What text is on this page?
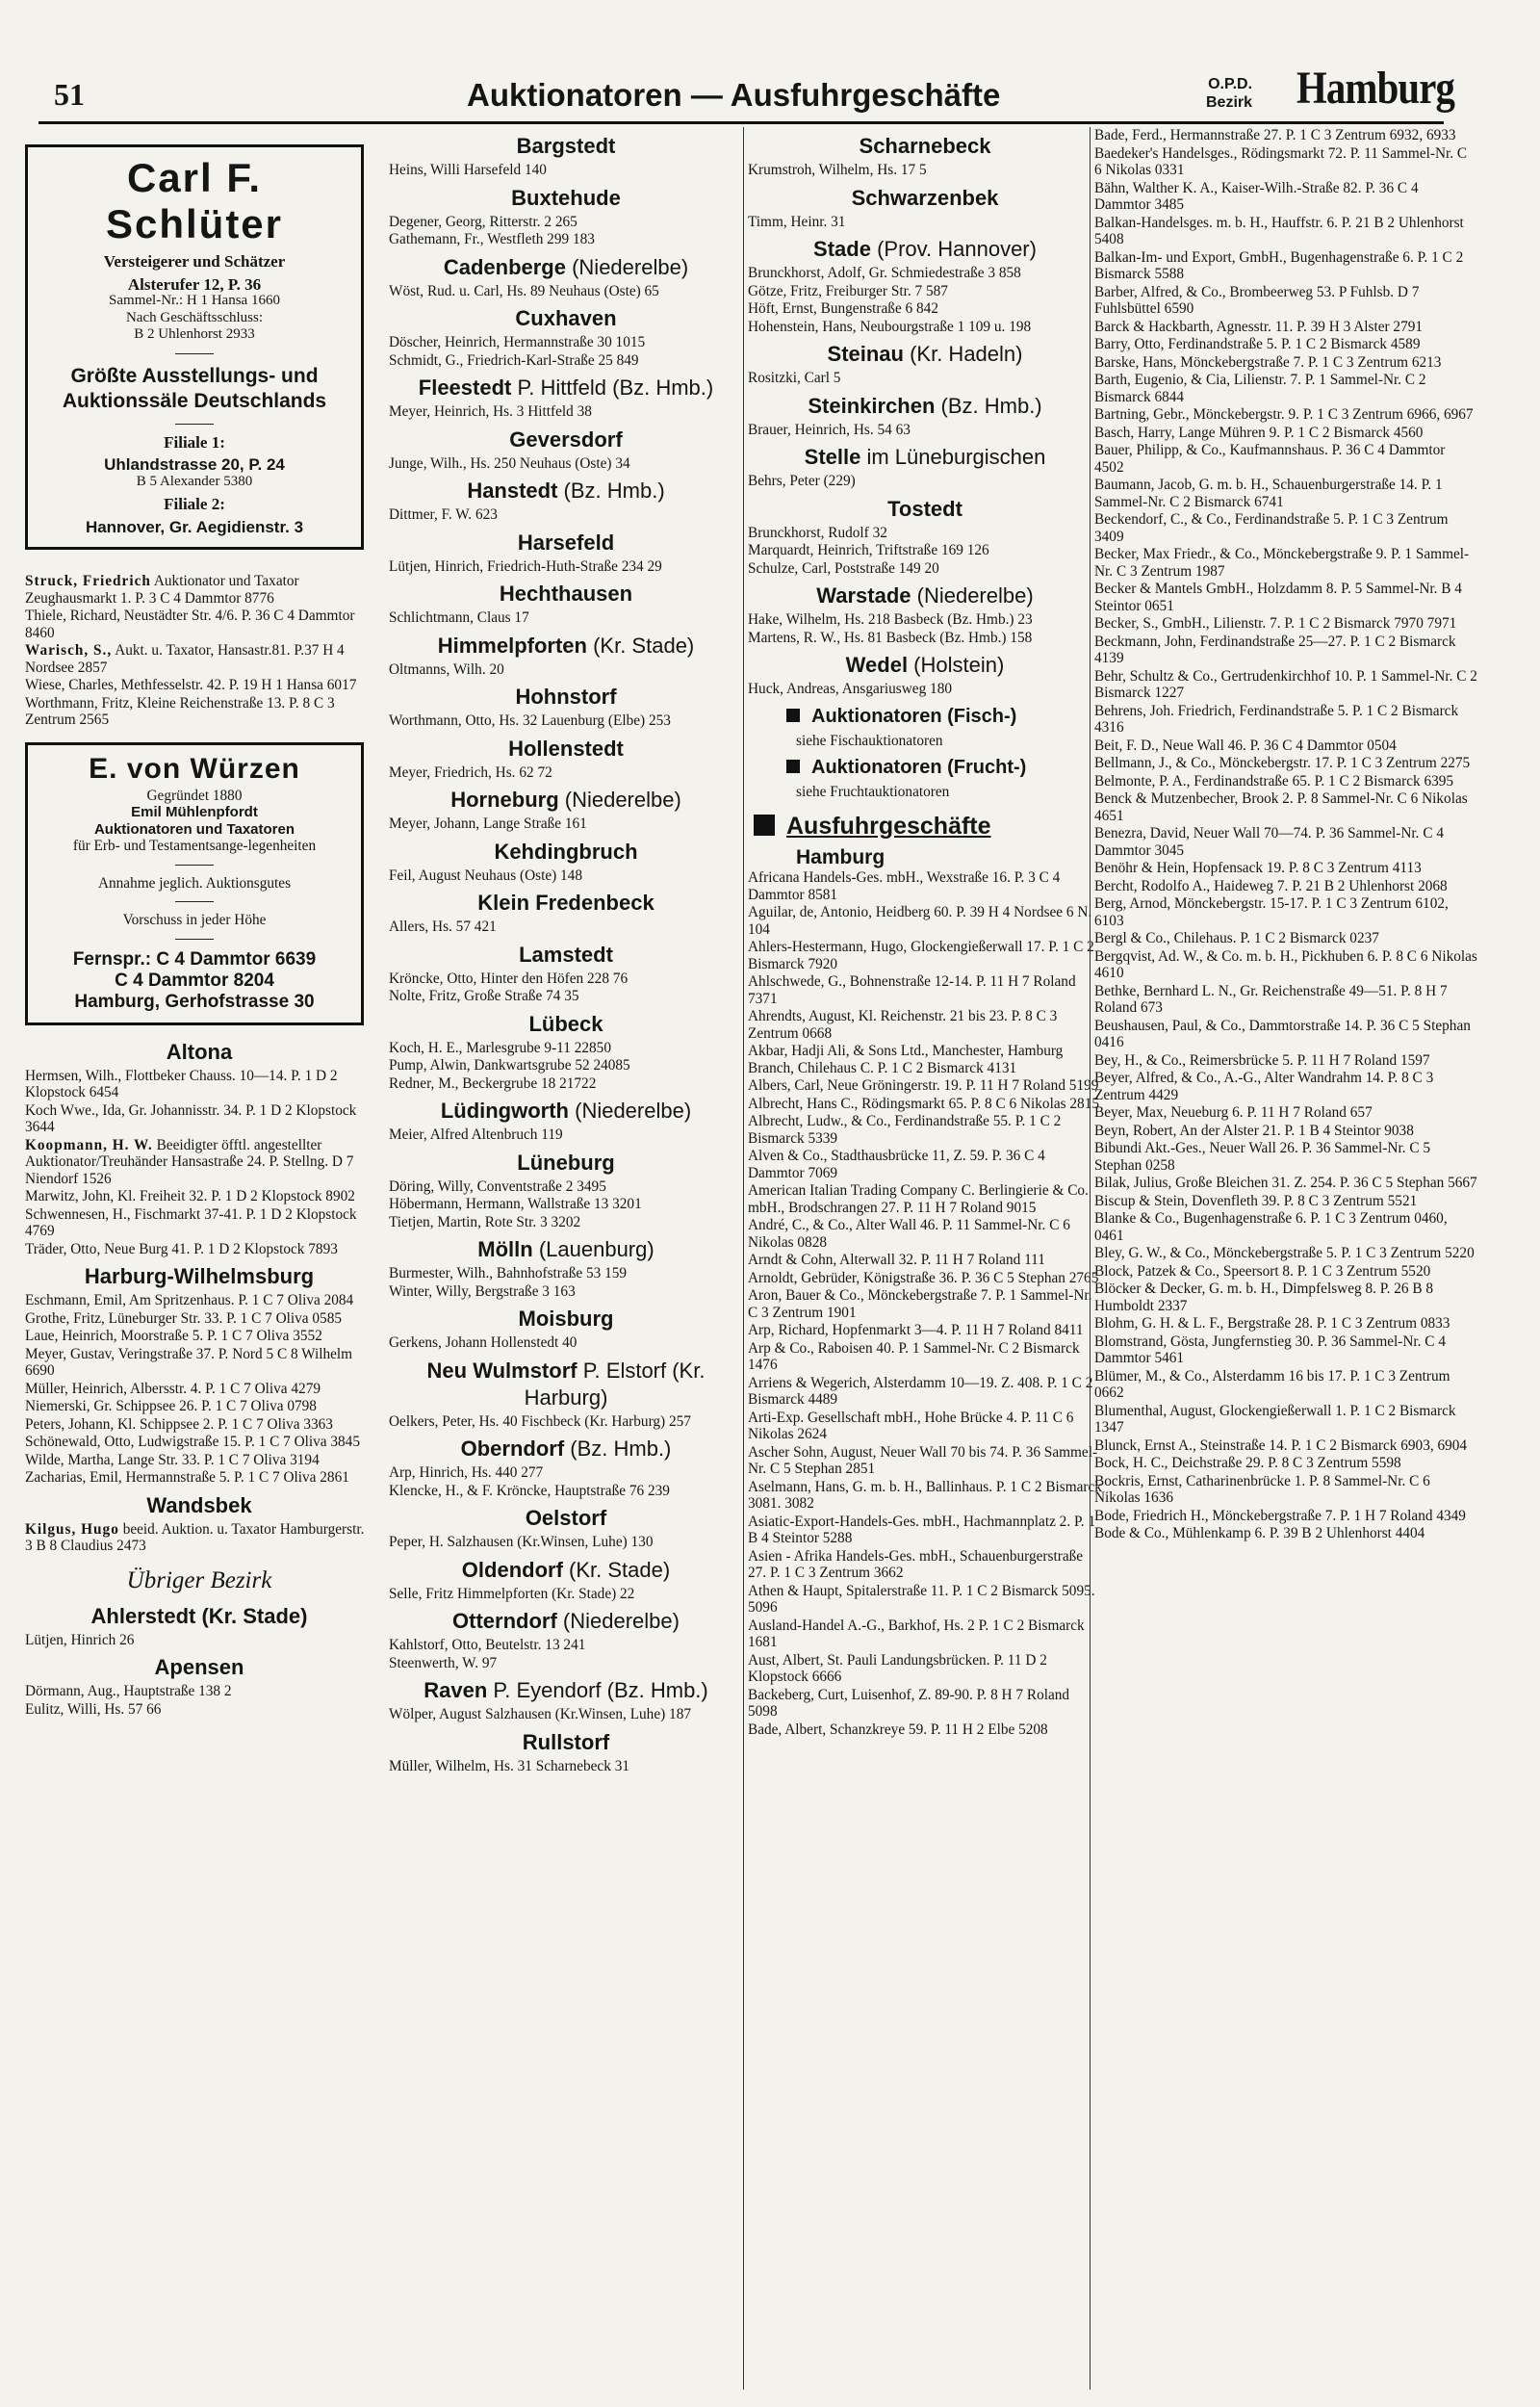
51	Auktionatoren — Ausfuhrgeschäfte	O.P.D.
Bezirk Hamburg
Carl F.
Schlüter
Versteigerer und Schätzer
Alsterufer 12, P. 36
Sammel-Nr.: H 1 Hansa 1660
Nach Geschäftsschluss:
B 2 Uhlenhorst 2933
Größte Ausstellungs- und Auktionssäle Deutschlands
Filiale 1:
Uhlandstrasse 20, P. 24
B 5 Alexander 5380
Filiale 2:
Hannover, Gr. Aegidienstr. 3
Struck, Friedrich Auktionator und Taxator Zeughausmarkt 1. P. 3 C 4 Dammtor 8776
Thiele, Richard, Neustädter Str. 4/6. P. 36 C 4 Dammtor 8460
Warisch, S., Aukt. u. Taxator, Hansastr.81. P.37 H 4 Nordsee 2857
Wiese, Charles, Methfesselstr. 42. P. 19 H 1 Hansa 6017
Worthmann, Fritz, Kleine Reichenstraße 13. P. 8 C 3 Zentrum 2565
E. von Würzen
Gegründet 1880
Emil Mühlenpfordt
Auktionatoren und Taxatoren
für Erb- und Testamentsange-legenheiten
Annahme jeglich. Auktionsgutes
Vorschuss in jeder Höhe
Fernspr.: C 4 Dammtor 6639
C 4 Dammtor 8204
Hamburg, Gerhofstrasse 30
Altona
Hermsen, Wilh., Flottbeker Chauss. 10—14. P. 1 D 2 Klopstock 6454
Koch Wwe., Ida, Gr. Johannisstr. 34. P. 1 D 2 Klopstock 3644
Koopmann, H. W. Beeidigter öfftl. angestellter Auktionator/Treuhänder Hansastraße 24. P. Stellng. D 7 Niendorf 1526
Marwitz, John, Kl. Freiheit 32. P. 1 D 2 Klopstock 8902
Schwennesen, H., Fischmarkt 37-41. P. 1 D 2 Klopstock 4769
Träder, Otto, Neue Burg 41. P. 1 D 2 Klopstock 7893
Harburg-Wilhelmsburg
Eschmann, Emil, Am Spritzenhaus. P. 1 C 7 Oliva 2084
Grothe, Fritz, Lüneburger Str. 33. P. 1 C 7 Oliva 0585
Laue, Heinrich, Moorstraße 5. P. 1 C 7 Oliva 3552
Meyer, Gustav, Veringstraße 37. P. Nord 5 C 8 Wilhelm 6690
Müller, Heinrich, Albersstr. 4. P. 1 C 7 Oliva 4279
Niemerski, Gr. Schippsee 26. P. 1 C 7 Oliva 0798
Peters, Johann, Kl. Schippsee 2. P. 1 C 7 Oliva 3363
Schönewald, Otto, Ludwigstraße 15. P. 1 C 7 Oliva 3845
Wilde, Martha, Lange Str. 33. P. 1 C 7 Oliva 3194
Zacharias, Emil, Hermannstraße 5. P. 1 C 7 Oliva 2861
Wandsbek
Kilgus, Hugo beeid. Auktion. u. Taxator Hamburgerstr. 3 B 8 Claudius 2473
Übriger Bezirk
Ahlerstedt (Kr. Stade)
Lütjen, Hinrich 26
Apensen
Dörmann, Aug., Hauptstraße 138 2
Eulitz, Willi, Hs. 57 66
Bargstedt
Heins, Willi Harsefeld 140
Buxtehude
Degener, Georg, Ritterstr. 2 265
Gathemann, Fr., Westfleth 299 183
Cadenberge (Niederelbe)
Wöst, Rud. u. Carl, Hs. 89 Neuhaus (Oste) 65
Cuxhaven
Döscher, Heinrich, Hermannstraße 30 1015
Schmidt, G., Friedrich-Karl-Straße 25 849
Fleestedt P. Hittfeld (Bz. Hmb.)
Meyer, Heinrich, Hs. 3 Hittfeld 38
Geversdorf
Junge, Wilh., Hs. 250 Neuhaus (Oste) 34
Hanstedt (Bz. Hmb.)
Dittmer, F. W. 623
Harsefeld
Lütjen, Hinrich, Friedrich-Huth-Straße 234 29
Hechthausen
Schlichtmann, Claus 17
Himmelpforten (Kr. Stade)
Oltmanns, Wilh. 20
Hohnstorf
Worthmann, Otto, Hs. 32 Lauenburg (Elbe) 253
Hollenstedt
Meyer, Friedrich, Hs. 62 72
Horneburg (Niederelbe)
Meyer, Johann, Lange Straße 161
Kehdingbruch
Feil, August Neuhaus (Oste) 148
Klein Fredenbeck
Allers, Hs. 57 421
Lamstedt
Kröncke, Otto, Hinter den Höfen 228 76
Nolte, Fritz, Große Straße 74 35
Lübeck
Koch, H. E., Marlesgrube 9-11 22850
Pump, Alwin, Dankwartsgrube 52 24085
Redner, M., Beckergrube 18 21722
Lüdingworth (Niederelbe)
Meier, Alfred Altenbruch 119
Lüneburg
Döring, Willy, Conventstraße 2 3495
Höbermann, Hermann, Wallstraße 13 3201
Tietjen, Martin, Rote Str. 3 3202
Mölln (Lauenburg)
Burmester, Wilh., Bahnhofstraße 53 159
Winter, Willy, Bergstraße 3 163
Moisburg
Gerkens, Johann Hollenstedt 40
Neu Wulmstorf P. Elstorf (Kr. Harburg)
Oelkers, Peter, Hs. 40 Fischbeck (Kr. Harburg) 257
Oberndorf (Bz. Hmb.)
Arp, Hinrich, Hs. 440 277
Klencke, H., & F. Kröncke, Hauptstraße 76 239
Oelstorf
Peper, H. Salzhausen (Kr.Winsen, Luhe) 130
Oldendorf (Kr. Stade)
Selle, Fritz Himmelpforten (Kr. Stade) 22
Otterndorf (Niederelbe)
Kahlstorf, Otto, Beutelstr. 13 241
Steenwerth, W. 97
Raven P. Eyendorf (Bz. Hmb.)
Wölper, August Salzhausen (Kr.Winsen, Luhe) 187
Rullstorf
Müller, Wilhelm, Hs. 31 Scharnebeck 31
Scharnebeck
Krumstroh, Wilhelm, Hs. 17 5
Schwarzenbek
Timm, Heinr. 31
Stade (Prov. Hannover)
Brunckhorst, Adolf, Gr. Schmiedestraße 3 858
Götze, Fritz, Freiburger Str. 7 587
Höft, Ernst, Bungenstraße 6 842
Hohenstein, Hans, Neubourgstraße 1 109 u. 198
Steinau (Kr. Hadeln)
Rositzki, Carl 5
Steinkirchen (Bz. Hmb.)
Brauer, Heinrich, Hs. 54 63
Stelle im Lüneburgischen
Behrs, Peter (229)
Tostedt
Brunckhorst, Rudolf 32
Marquardt, Heinrich, Triftstraße 169 126
Schulze, Carl, Poststraße 149 20
Warstade (Niederelbe)
Hake, Wilhelm, Hs. 218 Basbeck (Bz. Hmb.) 23
Martens, R. W., Hs. 81 Basbeck (Bz. Hmb.) 158
Wedel (Holstein)
Huck, Andreas, Ansgariusweg 180
Auktionatoren (Fisch-)
siehe Fischauktionatoren
Auktionatoren (Frucht-)
siehe Fruchtauktionatoren
Ausfuhrgeschäfte
Hamburg
Africana Handels-Ges. mbH., Wexstraße 16. P. 3 C 4 Dammtor 8581
Aguilar, de, Antonio, Heidberg 60. P. 39 H 4 Nordsee 6 N. 104
Ahlers-Hestermann, Hugo, Glockengießerwall 17. P. 1 C 2 Bismarck 7920
Ahlschwede, G., Bohnenstraße 12-14. P. 11 H 7 Roland 7371
Ahrendts, August, Kl. Reichenstr. 21 bis 23. P. 8 C 3 Zentrum 0668
Akbar, Hadji Ali, & Sons Ltd., Manchester, Hamburg Branch, Chilehaus C. P. 1 C 2 Bismarck 4131
Albers, Carl, Neue Gröningerstr. 19. P. 11 H 7 Roland 5199
Albrecht, Hans C., Rödingsmarkt 65. P. 8 C 6 Nikolas 2815
Albrecht, Ludw., & Co., Ferdinandstraße 55. P. 1 C 2 Bismarck 5339
Alven & Co., Stadthausbrücke 11, Z. 59. P. 36 C 4 Dammtor 7069
American Italian Trading Company C. Berlingierie & Co. mbH., Brodschrangen 27. P. 11 H 7 Roland 9015
André, C., & Co., Alter Wall 46. P. 11 Sammel-Nr. C 6 Nikolas 0828
Arndt & Cohn, Alterwall 32. P. 11 H 7 Roland 111
Arnoldt, Gebrüder, Königstraße 36. P. 36 C 5 Stephan 2765
Aron, Bauer & Co., Mönckebergstraße 7. P. 1 Sammel-Nr. C 3 Zentrum 1901
Arp, Richard, Hopfenmarkt 3—4. P. 11 H 7 Roland 8411
Arp & Co., Raboisen 40. P. 1 Sammel-Nr. C 2 Bismarck 1476
Arriens & Wegerich, Alsterdamm 10—19. Z. 408. P. 1 C 2 Bismarck 4489
Arti-Exp. Gesellschaft mbH., Hohe Brücke 4. P. 11 C 6 Nikolas 2624
Ascher Sohn, August, Neuer Wall 70 bis 74. P. 36 Sammel-Nr. C 5 Stephan 2851
Aselmann, Hans, G. m. b. H., Ballinhaus. P. 1 C 2 Bismarck 3081. 3082
Asiatic-Export-Handels-Ges. mbH., Hachmannplatz 2. P. 1 B 4 Steintor 5288
Asien - Afrika Handels-Ges. mbH., Schauenburgerstraße 27. P. 1 C 3 Zentrum 3662
Athen & Haupt, Spitalerstraße 11. P. 1 C 2 Bismarck 5095. 5096
Ausland-Handel A.-G., Barkhof, Hs. 2 P. 1 C 2 Bismarck 1681
Aust, Albert, St. Pauli Landungsbrücken. P. 11 D 2 Klopstock 6666
Backeberg, Curt, Luisenhof, Z. 89-90. P. 8 H 7 Roland 5098
Bade, Albert, Schanzkreye 59. P. 11 H 2 Elbe 5208
Bade, Ferd., Hermannstraße 27. P. 1 C 3 Zentrum 6932, 6933
Baedeker's Handelsges., Rödingsmarkt 72. P. 11 Sammel-Nr. C 6 Nikolas 0331
Bähn, Walther K. A., Kaiser-Wilh.-Straße 82. P. 36 C 4 Dammtor 3485
Balkan-Handelsges. m. b. H., Hauffstr. 6. P. 21 B 2 Uhlenhorst 5408
Balkan-Im- und Export, GmbH., Bugenhagenstraße 6. P. 1 C 2 Bismarck 5588
Barber, Alfred, & Co., Brombeerweg 53. P Fuhlsb. D 7 Fuhlsbüttel 6590
Barck & Hackbarth, Agnesstr. 11. P. 39 H 3 Alster 2791
Barry, Otto, Ferdinandstraße 5. P. 1 C 2 Bismarck 4589
Barske, Hans, Mönckebergstraße 7. P. 1 C 3 Zentrum 6213
Barth, Eugenio, & Cia, Lilienstr. 7. P. 1 Sammel-Nr. C 2 Bismarck 6844
Bartning, Gebr., Mönckebergstr. 9. P. 1 C 3 Zentrum 6966, 6967
Basch, Harry, Lange Mühren 9. P. 1 C 2 Bismarck 4560
Bauer, Philipp, & Co., Kaufmannshaus. P. 36 C 4 Dammtor 4502
Baumann, Jacob, G. m. b. H., Schauenburgerstraße 14. P. 1 Sammel-Nr. C 2 Bismarck 6741
Beckendorf, C., & Co., Ferdinandstraße 5. P. 1 C 3 Zentrum 3409
Becker, Max Friedr., & Co., Mönckebergstraße 9. P. 1 Sammel-Nr. C 3 Zentrum 1987
Becker & Mantels GmbH., Holzdamm 8. P. 5 Sammel-Nr. B 4 Steintor 0651
Becker, S., GmbH., Lilienstr. 7. P. 1 C 2 Bismarck 7970 7971
Beckmann, John, Ferdinandstraße 25—27. P. 1 C 2 Bismarck 4139
Behr, Schultz & Co., Gertrudenkirchhof 10. P. 1 Sammel-Nr. C 2 Bismarck 1227
Behrens, Joh. Friedrich, Ferdinandstraße 5. P. 1 C 2 Bismarck 4316
Beit, F. D., Neue Wall 46. P. 36 C 4 Dammtor 0504
Bellmann, J., & Co., Mönckebergstr. 17. P. 1 C 3 Zentrum 2275
Belmonte, P. A., Ferdinandstraße 65. P. 1 C 2 Bismarck 6395
Benck & Mutzenbecher, Brook 2. P. 8 Sammel-Nr. C 6 Nikolas 4651
Benezra, David, Neuer Wall 70—74. P. 36 Sammel-Nr. C 4 Dammtor 3045
Benöhr & Hein, Hopfensack 19. P. 8 C 3 Zentrum 4113
Bercht, Rodolfo A., Haideweg 7. P. 21 B 2 Uhlenhorst 2068
Berg, Arnod, Mönckebergstr. 15-17. P. 1 C 3 Zentrum 6102, 6103
Bergl & Co., Chilehaus. P. 1 C 2 Bismarck 0237
Bergqvist, Ad. W., & Co. m. b. H., Pickhuben 6. P. 8 C 6 Nikolas 4610
Bethke, Bernhard L. N., Gr. Reichenstraße 49—51. P. 8 H 7 Roland 673
Beushausen, Paul, & Co., Dammtorstraße 14. P. 36 C 5 Stephan 0416
Bey, H., & Co., Reimersbrücke 5. P. 11 H 7 Roland 1597
Beyer, Alfred, & Co., A.-G., Alter Wandrahm 14. P. 8 C 3 Zentrum 4429
Beyer, Max, Neueburg 6. P. 11 H 7 Roland 657
Beyn, Robert, An der Alster 21. P. 1 B 4 Steintor 9038
Bibundi Akt.-Ges., Neuer Wall 26. P. 36 Sammel-Nr. C 5 Stephan 0258
Bilak, Julius, Große Bleichen 31. Z. 254. P. 36 C 5 Stephan 5667
Biscup & Stein, Dovenfleth 39. P. 8 C 3 Zentrum 5521
Blanke & Co., Bugenhagenstraße 6. P. 1 C 3 Zentrum 0460, 0461
Bley, G. W., & Co., Mönckebergstraße 5. P. 1 C 3 Zentrum 5220
Block, Patzek & Co., Speersort 8. P. 1 C 3 Zentrum 5520
Blöcker & Decker, G. m. b. H., Dimpfelsweg 8. P. 26 B 8 Humboldt 2337
Blohm, G. H. & L. F., Bergstraße 28. P. 1 C 3 Zentrum 0833
Blomstrand, Gösta, Jungfernstieg 30. P. 36 Sammel-Nr. C 4 Dammtor 5461
Blümer, M., & Co., Alsterdamm 16 bis 17. P. 1 C 3 Zentrum 0662
Blumenthal, August, Glockengießerwall 1. P. 1 C 2 Bismarck 1347
Blunck, Ernst A., Steinstraße 14. P. 1 C 2 Bismarck 6903, 6904
Bock, H. C., Deichstraße 29. P. 8 C 3 Zentrum 5598
Bockris, Ernst, Catharinenbrücke 1. P. 8 Sammel-Nr. C 6 Nikolas 1636
Bode, Friedrich H., Mönckebergstraße 7. P. 1 H 7 Roland 4349
Bode & Co., Mühlenkamp 6. P. 39 B 2 Uhlenhorst 4404
